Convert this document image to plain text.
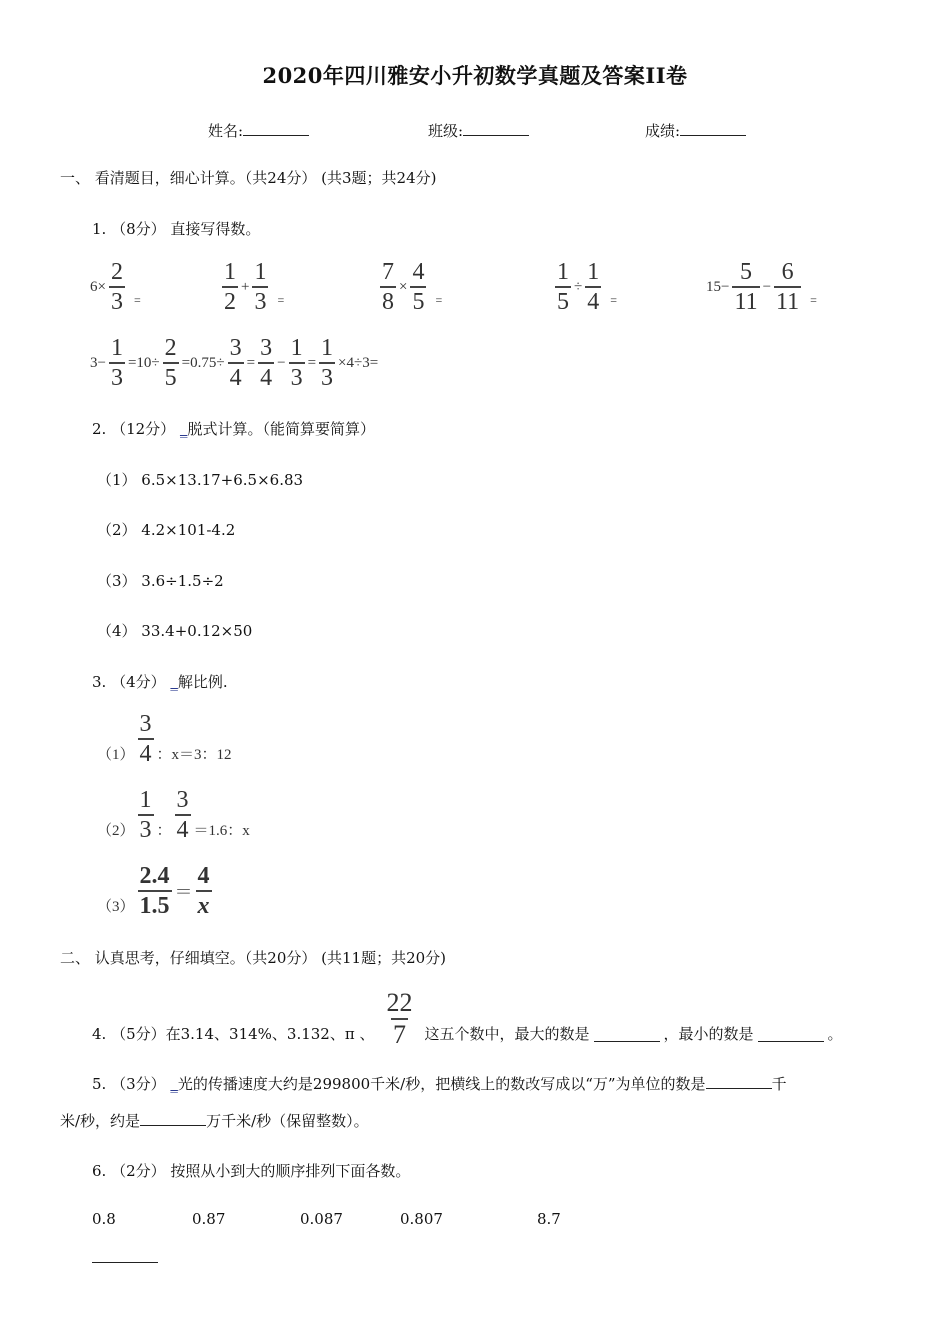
2020年四川雅安小升初数学真题及答案II卷
姓名:	班级:	成绩:
一、 看清题目，细心计算。（共24分） (共3题；共24分)
1. （8分） 直接写得数。
$6\times \frac{2}{3}$ =	$\frac{1}{2} + \frac{1}{3}$ =	$\frac{7}{8} \times \frac{4}{5}$ =	$\frac{1}{5} \div \frac{1}{4}$ =
$15- \frac{5}{11} - \frac{6}{11}$ =
$3- \frac{1}{3} =10\div \frac{2}{5} =0.75\div \frac{3}{4} = \frac{3}{4} - \frac{1}{3} = \frac{1}{3} \times 4\div 3=$
2. （12分） _脱式计算。（能简算要简算）
（1） 6.5×13.17+6.5×6.83
（2） 4.2×101-4.2
（3） 3.6÷1.5÷2
（4） 33.4+0.12×50
3. （4分） _解比例.
$(1) \frac{3}{4}$ ：x＝3：12
$(2) \frac{1}{3}$ ： $\frac{3}{4} =1.6$：x
$(3) \frac{2.4}{1.5} = \frac{4}{x}$
二、 认真思考，仔细填空。（共20分） (共11题；共20分)
4. （5分）在3.14、314%、3.132、π 、 $\frac{22}{7}$ 这五个数中，最大的数是	，最小的数是	。
5. （3分） _光的传播速度大约是299800千米/秒，把横线上的数改写成以“万”为单位的数是	千
米/秒，约是	万千米/秒（保留整数）。
6. （2分） 按照从小到大的顺序排列下面各数。
0.8	0.87	0.087	0.807	8.7
